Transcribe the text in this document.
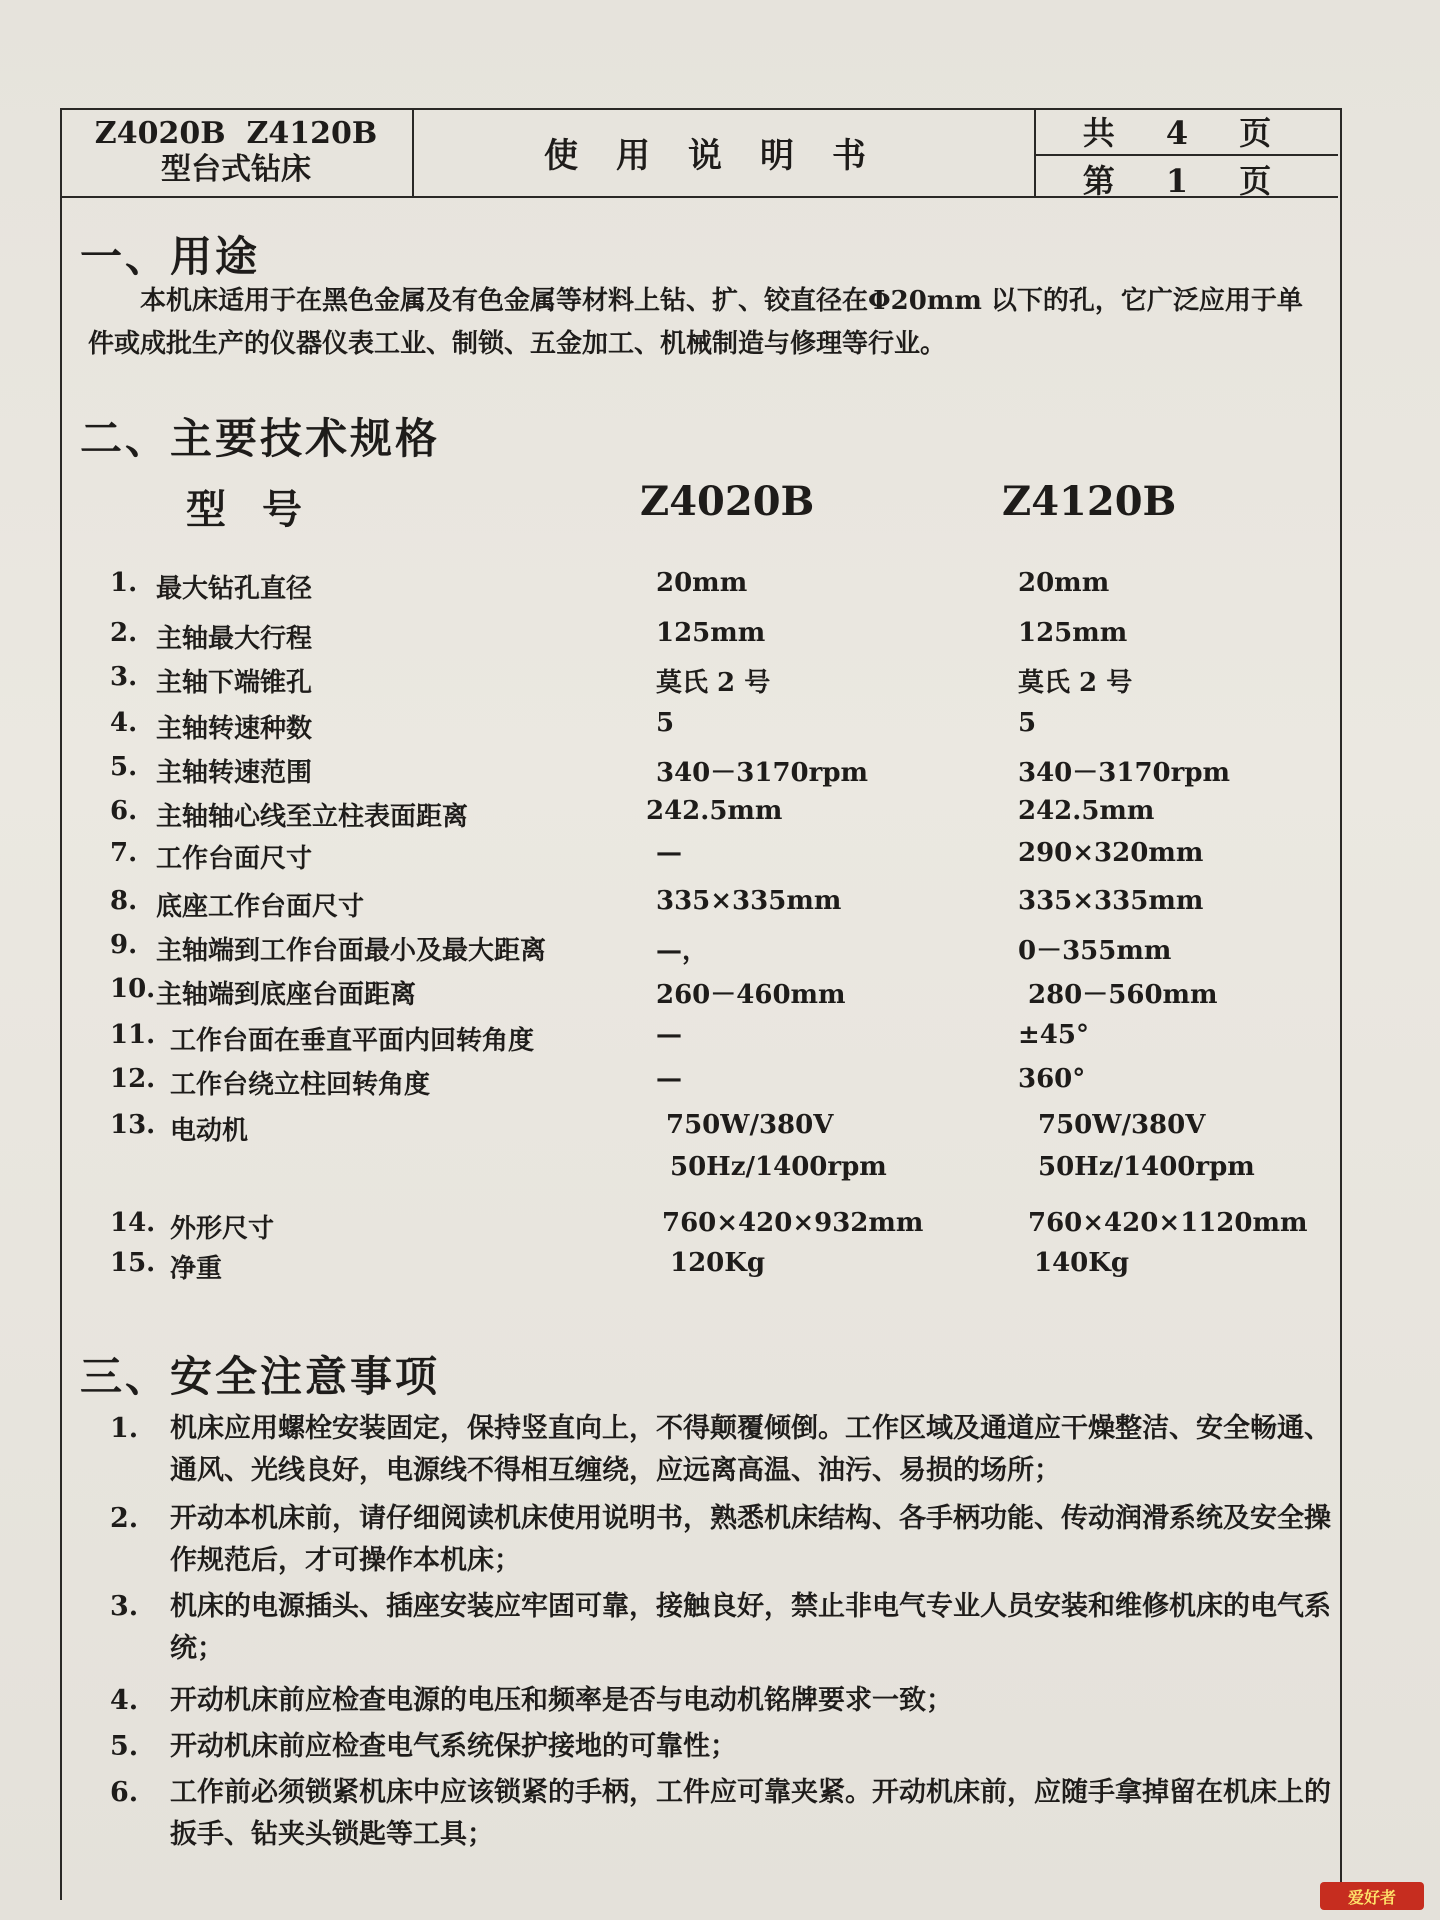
Z4020B  Z4120B
型台式钻床	使用说明书
共 4 页
第 1 页
一、用途
本机床适用于在黑色金属及有色金属等材料上钻、扩、铰直径在Φ20mm 以下的孔，它广泛应用于单件或成批生产的仪器仪表工业、制锁、五金加工、机械制造与修理等行业。
二、主要技术规格
型号	Z4020B	Z4120B
1. 最大钻孔直径	20mm	20mm
2. 主轴最大行程	125mm	125mm
3. 主轴下端锥孔	莫氏 2 号	莫氏 2 号
4. 主轴转速种数	5	5
5. 主轴转速范围	340－3170rpm	340－3170rpm
6. 主轴轴心线至立柱表面距离	242.5mm	242.5mm
7. 工作台面尺寸	—	290×320mm
8. 底座工作台面尺寸	335×335mm	335×335mm
9. 主轴端到工作台面最小及最大距离	—，	0－355mm
10. 主轴端到底座台面距离	260－460mm	280－560mm
11. 工作台面在垂直平面内回转角度	—	±45°
12. 工作台绕立柱回转角度	—	360°
13. 电动机	750W/380V	750W/380V
50Hz/1400rpm	50Hz/1400rpm
14. 外形尺寸	760×420×932mm	760×420×1120mm
15. 净重	120Kg	140Kg
三、安全注意事项
1. 机床应用螺栓安装固定，保持竖直向上，不得颠覆倾倒。工作区域及通道应干燥整洁、安全畅通、通风、光线良好，电源线不得相互缠绕，应远离高温、油污、易损的场所；
2. 开动本机床前，请仔细阅读机床使用说明书，熟悉机床结构、各手柄功能、传动润滑系统及安全操作规范后，才可操作本机床；
3. 机床的电源插头、插座安装应牢固可靠，接触良好，禁止非电气专业人员安装和维修机床的电气系统；
4. 开动机床前应检查电源的电压和频率是否与电动机铭牌要求一致；
5. 开动机床前应检查电气系统保护接地的可靠性；
6. 工作前必须锁紧机床中应该锁紧的手柄，工件应可靠夹紧。开动机床前，应随手拿掉留在机床上的扳手、钻夹头锁匙等工具；
爱好者
